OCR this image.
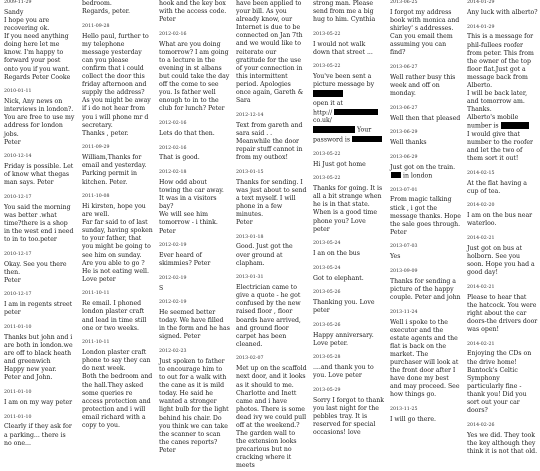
2009-11-29
Sandy
I hope you are recovering ok.
If you need anything doing here let me know. I'm happy to forward your post onto you if you want.
Regards Peter Cooke
2010-01-11
Nick, Any news on interviews in london?. You are free to use my address for london jobs.
Peter
2010-12-14
Friday is possible. Let of know what thegas man says. Peter
2010-12-17
You said the morning was better .what time?there is a shop in the west end i need to in to too.peter
2010-12-17
Okay. See you there then.
Peter
2010-12-17
I am in regents street peter
2011-01-10
Thanks but john and i are both in london.we are off to black heath and greenwich
Happy new year. Peter and John.
2011-01-10
I am on my way peter
2011-01-10
Clearly if they ask for a parking... there is no one...
bedroom.
Regards, peter.
2011-09-28
Hello paul, further to my telephone message yesterday can you please confirm that i could collect the door this friday afternoon and supply the address? As you might be away if i do not hear from you i will phone mr d secretary.
Thanks , peter.
2011-09-29
William,Thanks for email and yesterday. Parking permit in kitchen. Peter.
2011-10-08
Hi kirsten, hope you are well.
Far far said to of last sunday, having spoken to your father, that you might be going to see him on sunday. Are you able to go ? He is not eating well.
Love peter
2011-10-11
Re email. I phoned london plaster craft and lead in time still one or two weeks.
2011-10-11
London plaster craft phone to say they can do next week.
Both the bedroom and the hall.They asked some queries re access protection and protection and i will email richard with a copy to you.
hook and the key box with the access code. Peter
2012-02-16
What are you doing tomorrow? I am going to a lecture in the evening in st albans but could take the day off the come to see you. Is father well enough to in to the club for lunch? Peter
2012-02-16
Lets do that then.
2012-02-16
That is good.
2012-02-18
How odd about towing the car away. It was in a visitors bay?
We will see him tomorrow - i think. Peter
2012-02-19
Ever heard of skimmies? Peter
2012-02-19
S
2012-02-19
He seemed better today. We have filled in the form and he has signed. Peter
2012-02-23
Just spoken to father to encourage him to to out for a walk with the cane as it is mild today. He said he wanted a stronger light bulb for the light behind his chair. Do you think we can take the scanner to scan the canes reports?
Peter
have been applied to your bill. As you already know, our Internet is due to be connected on Jan 7th and we would like to reiterate our gratitude for the use of your connection in this intermittent period. Apologies once again, Gareth & Sara
2012-12-14
Text from gareth and sara said . . Meanwhile the door repair stuff cannot in from my outbox!
2013-01-15
Thanks for sending. I was just about to send a text myself. I will phone in a few minutes.
Peter
2013-01-18
Good. Just got the over ground at clapham.
2013-01-31
Electrician came to give a quote - he got confused by the new raised floor , floor boards have arrived, and ground floor carpet has been cleaned.
2013-02-07
Met up on the scaffold next door, and it looks as it should to me. Charlotte and Inett came and i have photos. There is some dead ivy we could pull off at the weekend.? The garden wall to the extension looks precarious but no cracking where it meets
strong man. Please send from me a big hug to him. Cynthia
2013-05-22
I would not walk down that street ...
2013-05-22
You've been sent a picture message by
open it at
http://co.uk/
Your
password is
2013-05-22
Hi Just got home
2013-05-22
Thanks for going. It is all a bit strange when he is in that state. When is a good time phone you? Love peter
2013-05-24
I an on the bus
2013-05-24
Got to elephant.
2013-05-26
Thanking you. Love peter
2013-05-26
Happy anniversary. Love peter.
2013-05-28
....and thank you to you. Love peter
2013-05-29
Sorry I forgot to thank you last night for the pebbles tray. It is reserved for special occasions! love
2013-06-25
I forgot my address book with monica and shirley' s addresses. Can you email them assuming you can find?
2013-06-27
Well rather busy this week and off on monday.
2013-06-27
Well then that pleased
2013-06-29
Well thanks
2013-06-29
Just got on the train. in london
2013-07-01
From magic talking stick , i got the message thanks. Hope the sale goes through. Peter
2013-07-03
Yes
2013-09-09
Thanks for sending a picture of the happy couple. Peter and john
2013-11-24
Well i spoke to the executor and the estate agents and the flat is back on the market. The purchaser will look at the front door after I have done my best and may proceed. See how things go.
2013-11-25
I will go there.
2014-01-29
Any luck with alberto?
2014-01-29
This is a message for phil-fullees roofer from peter. This from the owner of the top floor flat.Just got a message back from Alberto.
I will be back later, and tomorrow am. Thanks.
Alberto's mobile number is
I would give that number to the roofer and let the two of them sort it out!
2014-02-15
At the flat having a cup of tea.
2014-02-20
I am on the bus near waterloo.
2014-02-21
Just got on bus at holborn. See you soon. Hope you had a good day!
2014-02-21
Please to hear that the hatcock. You were right about the car doors-the drivers door was open!
2014-02-21
Enjoying the CDs on the drive home! Bantock's Celtic Symphony particularly fine - thank you! Did you sort out your car doors?
2014-02-26
Yes we did. They took the key although they think it is not that old.
